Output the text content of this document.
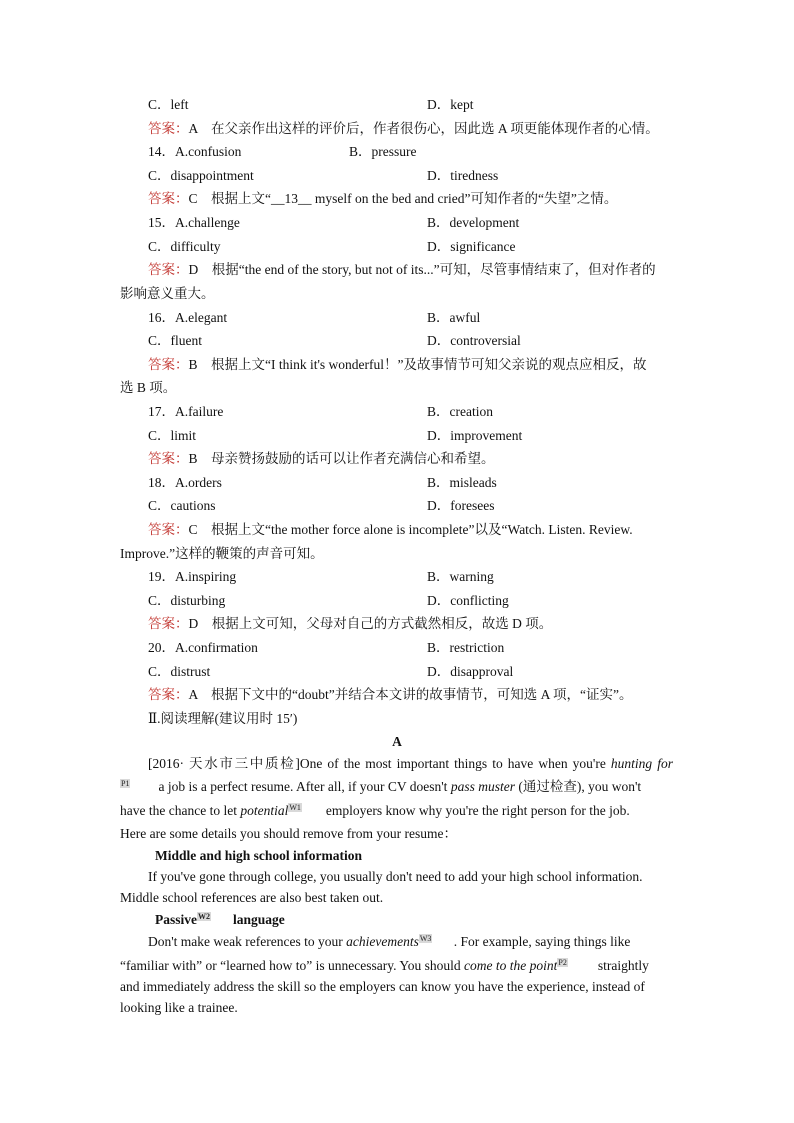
C．left	D．kept
答案：A　在父亲作出这样的评价后，作者很伤心，因此选 A 项更能体现作者的心情。
14．A.confusion	B．pressure
C．disappointment	D．tiredness
答案：C　根据上文“__13__ myself on the bed and cried”可知作者的“失望”之情。
15．A.challenge	B．development
C．difficulty	D．significance
答案：D　根据“the end of the story, but not of its...”可知，尽管事情结束了，但对作者的
影响意义重大。
16．A.elegant	B．awful
C．fluent	D．controversial
答案：B　根据上文“I think it's wonderful！”及故事情节可知父亲说的观点应相反，故
选 B 项。
17．A.failure	B．creation
C．limit	D．improvement
答案：B　母亲赞扬鼓励的话可以让作者充满信心和希望。
18．A.orders	B．misleads
C．cautions	D．foresees
答案：C　根据上文“the mother force alone is incomplete”以及“Watch. Listen. Review.
Improve.”这样的鞭策的声音可知。
19．A.inspiring	B．warning
C．disturbing	D．conflicting
答案：D　根据上文可知，父母对自己的方式截然相反，故选 D 项。
20．A.confirmation	B．restriction
C．distrust	D．disapproval
答案：A　根据下文中的“doubt”并结合本文讲的故事情节，可知选 A 项，“证实”。
Ⅱ.阅读理解(建议用时 15′)
A
[2016· 天水市三中质检]One of the most important things to have when you're hunting for
P1 a job is a perfect resume. After all, if your CV doesn't pass muster (通过检查), you won't
have the chance to let potentialW1 employers know why you're the right person for the job.
Here are some details you should remove from your resume：
Middle and high school information
If you've gone through college, you usually don't need to add your high school information.
Middle school references are also best taken out.
PassiveW2 language
Don't make weak references to your achievementsW3 . For example, saying things like
“familiar with” or “learned how to” is unnecessary. You should come to the pointP2 straightly
and immediately address the skill so the employers can know you have the experience, instead of
looking like a trainee.
